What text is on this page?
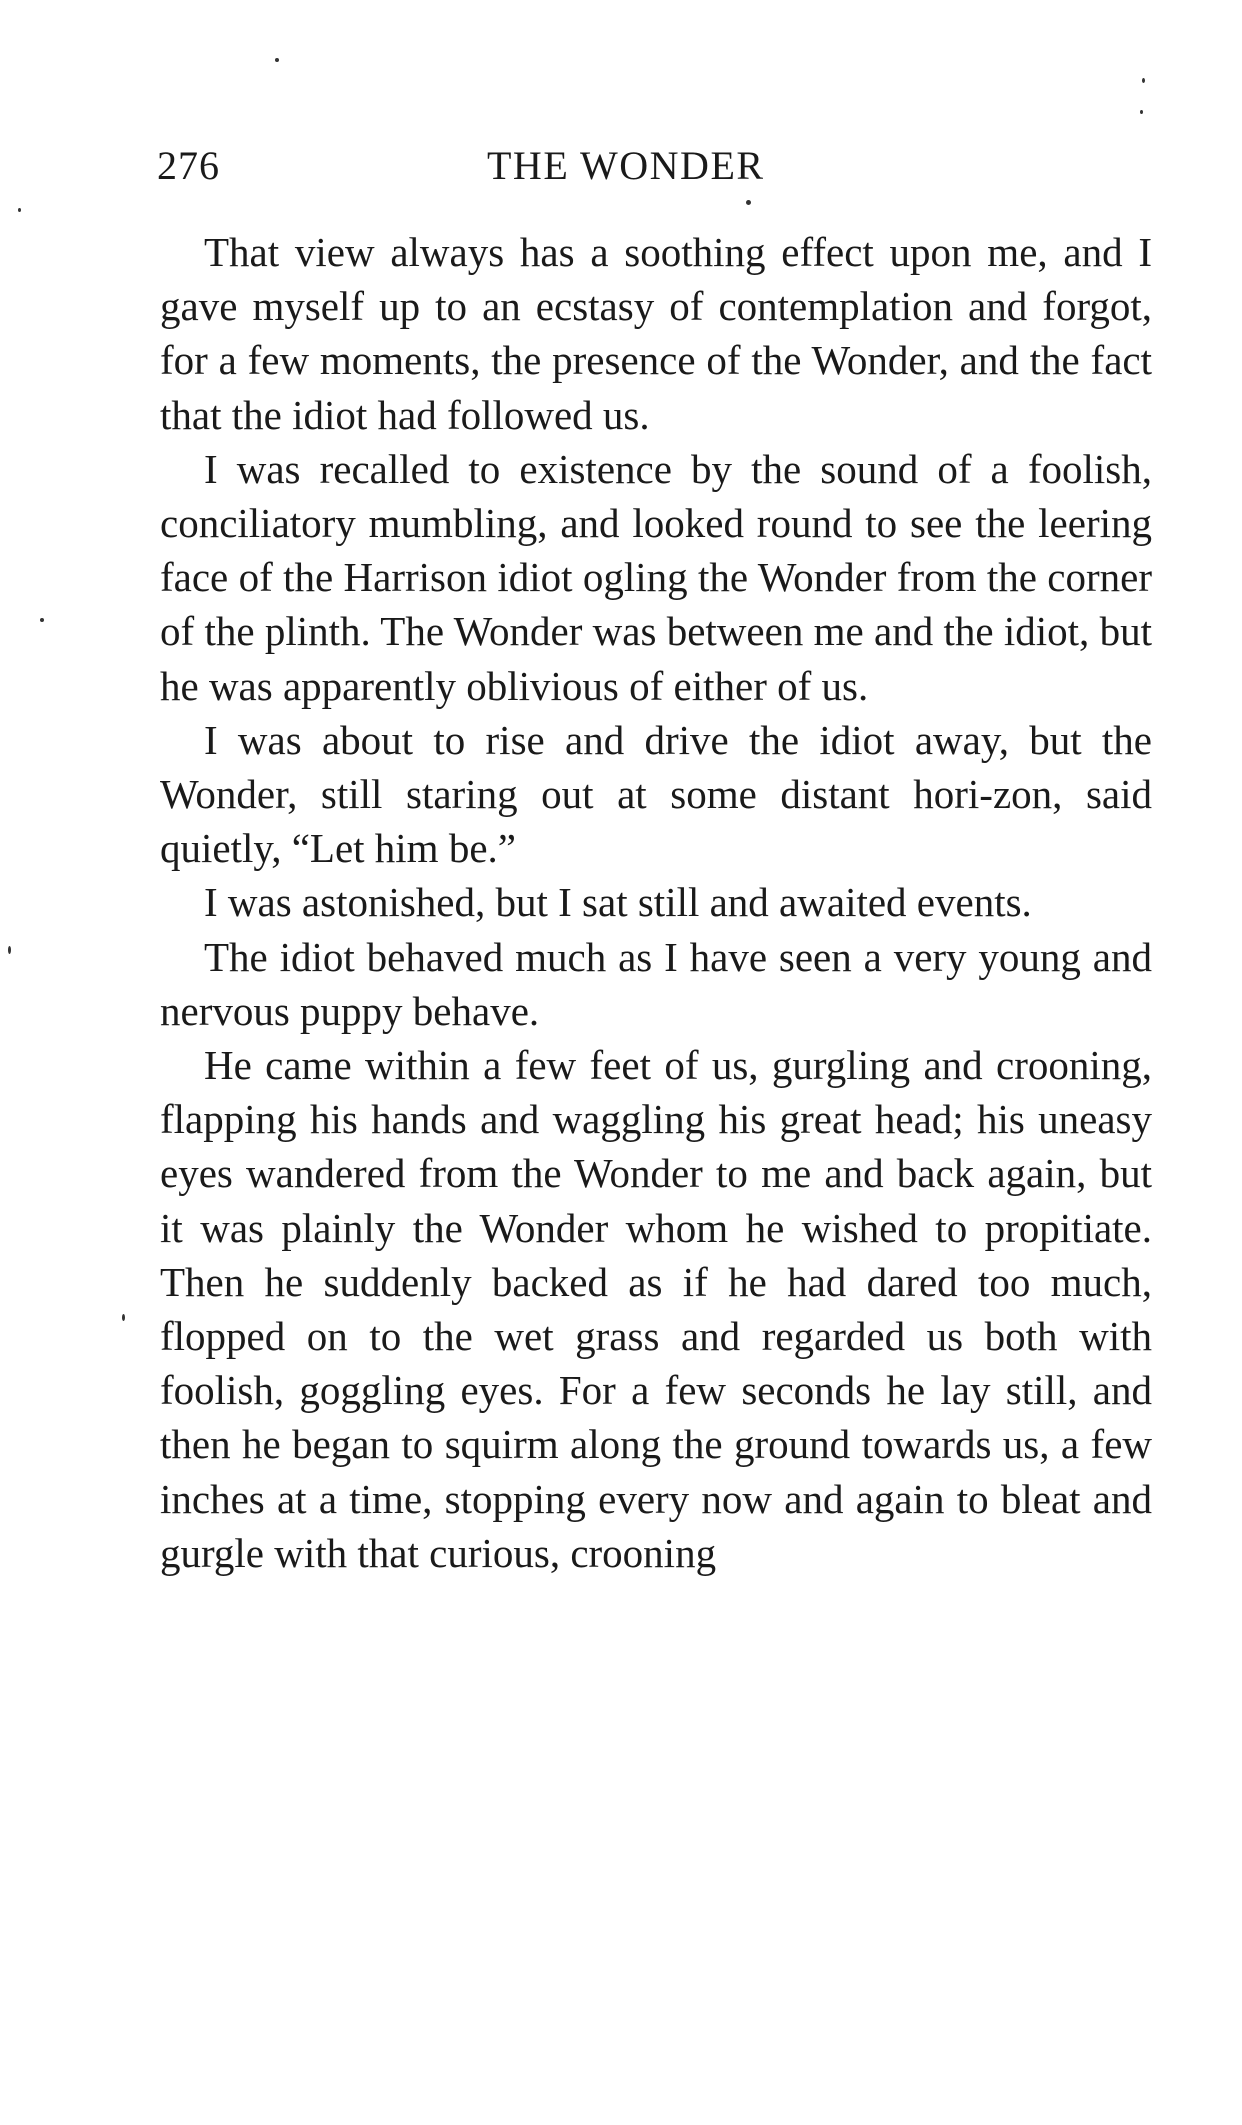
276	THE WONDER

That view always has a soothing effect upon me, and I gave myself up to an ecstasy of contemplation and forgot, for a few moments, the presence of the Wonder, and the fact that the idiot had followed us.

I was recalled to existence by the sound of a foolish, conciliatory mumbling, and looked round to see the leering face of the Harrison idiot ogling the Wonder from the corner of the plinth. The Wonder was between me and the idiot, but he was apparently oblivious of either of us.

I was about to rise and drive the idiot away, but the Wonder, still staring out at some distant hori-zon, said quietly, “Let him be.”

I was astonished, but I sat still and awaited events.

The idiot behaved much as I have seen a very young and nervous puppy behave.

He came within a few feet of us, gurgling and crooning, flapping his hands and waggling his great head; his uneasy eyes wandered from the Wonder to me and back again, but it was plainly the Wonder whom he wished to propitiate. Then he suddenly backed as if he had dared too much, flopped on to the wet grass and regarded us both with foolish, goggling eyes. For a few seconds he lay still, and then he began to squirm along the ground towards us, a few inches at a time, stopping every now and again to bleat and gurgle with that curious, crooning
